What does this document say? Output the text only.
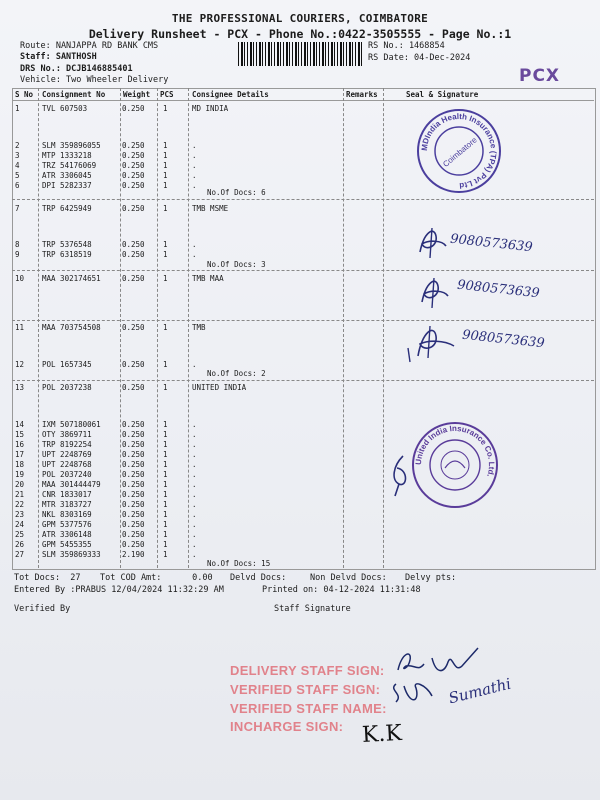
THE PROFESSIONAL COURIERS, COIMBATORE
Delivery Runsheet - PCX - Phone No.:0422-3505555 - Page No.:1
Route: NANJAPPA RD BANK CMS
Staff: SANTHOSH
DRS No.: DCJB146885401
Vehicle: Two Wheeler Delivery
RS No.: 1468854
RS Date: 04-Dec-2024
PCX
S No Consignment No Weight PCS Consignee Details	Remarks	Seal & Signature
1	TVL 607503	0.250 1	MD INDIA
2	SLM 359896055	0.250 1	.
3	MTP 1333218	0.250 1	.
4	TRZ 54176069	0.250 1	.
5	ATR 3306045	0.250 1	.
6	DPI 5282337	0.250 1	.
7	TRP 6425949	0.250 1	TMB MSME
8	TRP 5376548	0.250 1	.
9	TRP 6318519	0.250 1	.
10 MAA 302174651	0.250 1	TMB MAA
11 MAA 703754508	0.250 1	TMB
12 POL 1657345	0.250 1	.
13 POL 2037238	0.250 1	UNITED INDIA
14 IXM 507180061	0.250 1	.
15 OTY 3869711	0.250 1	.
16 TRP 8192254	0.250 1	.
17 UPT 2248769	0.250 1	.
18 UPT 2248768	0.250 1	.
19 POL 2037240	0.250 1	.
20 MAA 301444479	0.250 1	.
21 CNR 1833017	0.250 1	.
22 MTR 3183727	0.250 1	.
23 NKL 8303169	0.250 1	.
24 GPM 5377576	0.250 1	.
25 ATR 3306148	0.250 1	.
26 GPM 5455355	0.250 1	.
27 SLM 359869333	2.190 1	.
No.Of Docs: 6
No.Of Docs: 3
No.Of Docs: 2
No.Of Docs: 15
MDIndia Health Insurance (TPA) Pvt Ltd
Coimbatore
United India Insurance Co. Ltd.
9080573639
9080573639
9080573639
Tot Docs:  27 Tot COD Amt:      0.00 Delvd Docs:	Non Delvd Docs: Delvy pts:
Entered By :PRABUS 12/04/2024 11:32:29 AM	Printed on: 04-12-2024 11:31:48
Verified By	Staff Signature
DELIVERY STAFF SIGN:
VERIFIED STAFF SIGN:
VERIFIED STAFF NAME:
INCHARGE SIGN:
Sumathi
K.K
